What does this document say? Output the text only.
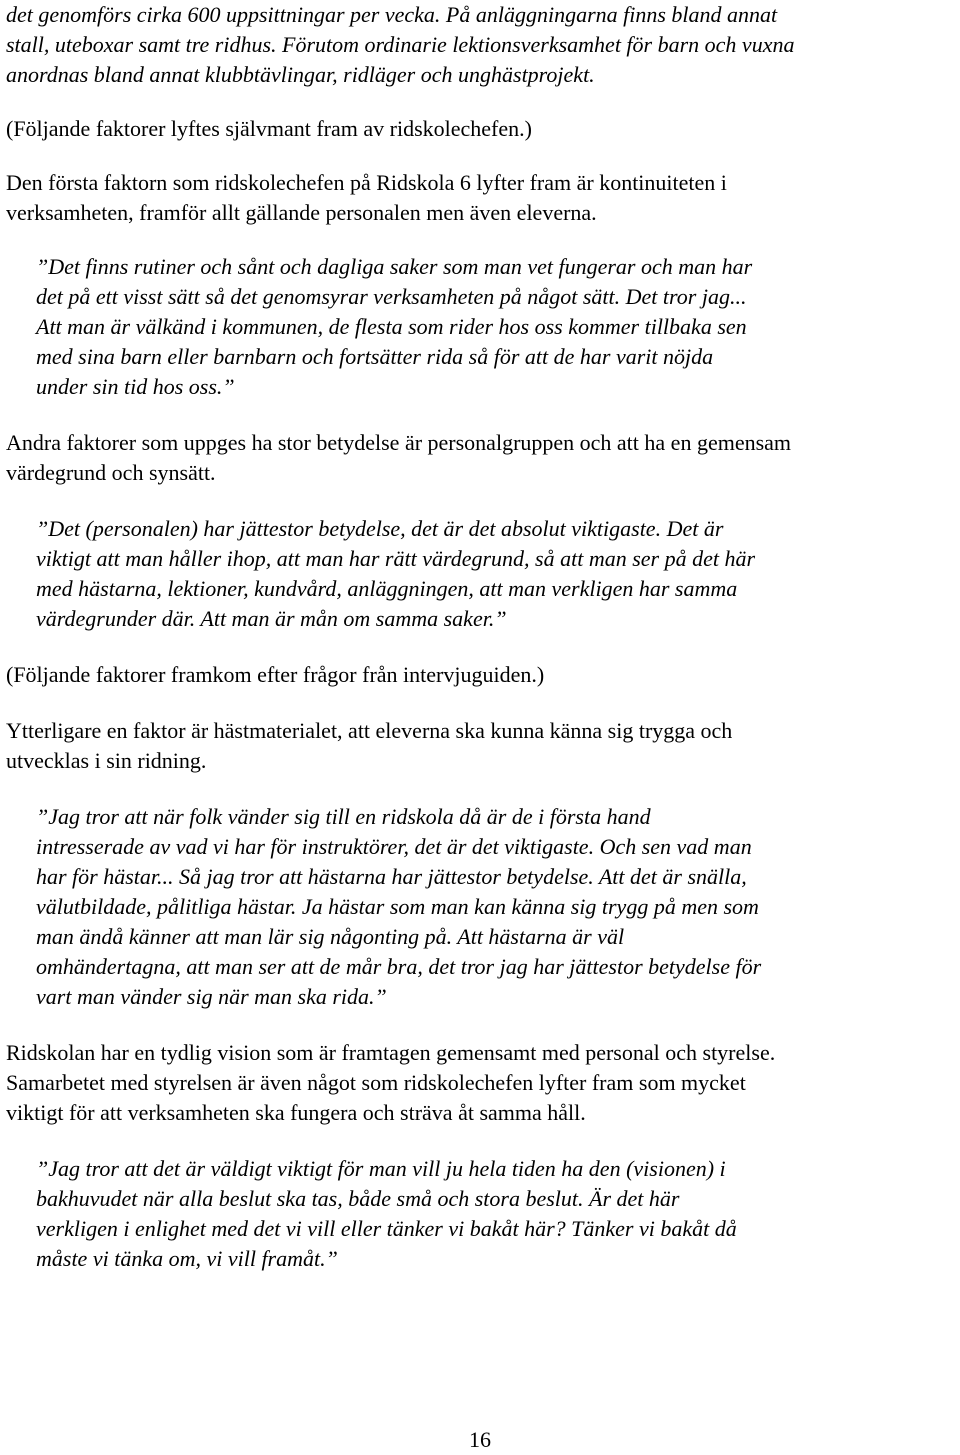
det genomförs cirka 600 uppsittningar per vecka. På anläggningarna finns bland annat
stall, uteboxar samt tre ridhus. Förutom ordinarie lektionsverksamhet för barn och vuxna
anordnas bland annat klubbtävlingar, ridläger och unghästprojekt.
(Följande faktorer lyftes självmant fram av ridskolechefen.)
Den första faktorn som ridskolechefen på Ridskola 6 lyfter fram är kontinuiteten i
verksamheten, framför allt gällande personalen men även eleverna.
”Det finns rutiner och sånt och dagliga saker som man vet fungerar och man har
det på ett visst sätt så det genomsyrar verksamheten på något sätt. Det tror jag...
Att man är välkänd i kommunen, de flesta som rider hos oss kommer tillbaka sen
med sina barn eller barnbarn och fortsätter rida så för att de har varit nöjda
under sin tid hos oss.”
Andra faktorer som uppges ha stor betydelse är personalgruppen och att ha en gemensam
värdegrund och synsätt.
”Det (personalen) har jättestor betydelse, det är det absolut viktigaste. Det är
viktigt att man håller ihop, att man har rätt värdegrund, så att man ser på det här
med hästarna, lektioner, kundvård, anläggningen, att man verkligen har samma
värdegrunder där. Att man är mån om samma saker.”
(Följande faktorer framkom efter frågor från intervjuguiden.)
Ytterligare en faktor är hästmaterialet, att eleverna ska kunna känna sig trygga och
utvecklas i sin ridning.
”Jag tror att när folk vänder sig till en ridskola då är de i första hand
intresserade av vad vi har för instruktörer, det är det viktigaste. Och sen vad man
har för hästar... Så jag tror att hästarna har jättestor betydelse. Att det är snälla,
välutbildade, pålitliga hästar. Ja hästar som man kan känna sig trygg på men som
man ändå känner att man lär sig någonting på. Att hästarna är väl
omhändertagna, att man ser att de mår bra, det tror jag har jättestor betydelse för
vart man vänder sig när man ska rida.”
Ridskolan har en tydlig vision som är framtagen gemensamt med personal och styrelse.
Samarbetet med styrelsen är även något som ridskolechefen lyfter fram som mycket
viktigt för att verksamheten ska fungera och sträva åt samma håll.
”Jag tror att det är väldigt viktigt för man vill ju hela tiden ha den (visionen) i
bakhuvudet när alla beslut ska tas, både små och stora beslut. Är det här
verkligen i enlighet med det vi vill eller tänker vi bakåt här? Tänker vi bakåt då
måste vi tänka om, vi vill framåt.”
16
